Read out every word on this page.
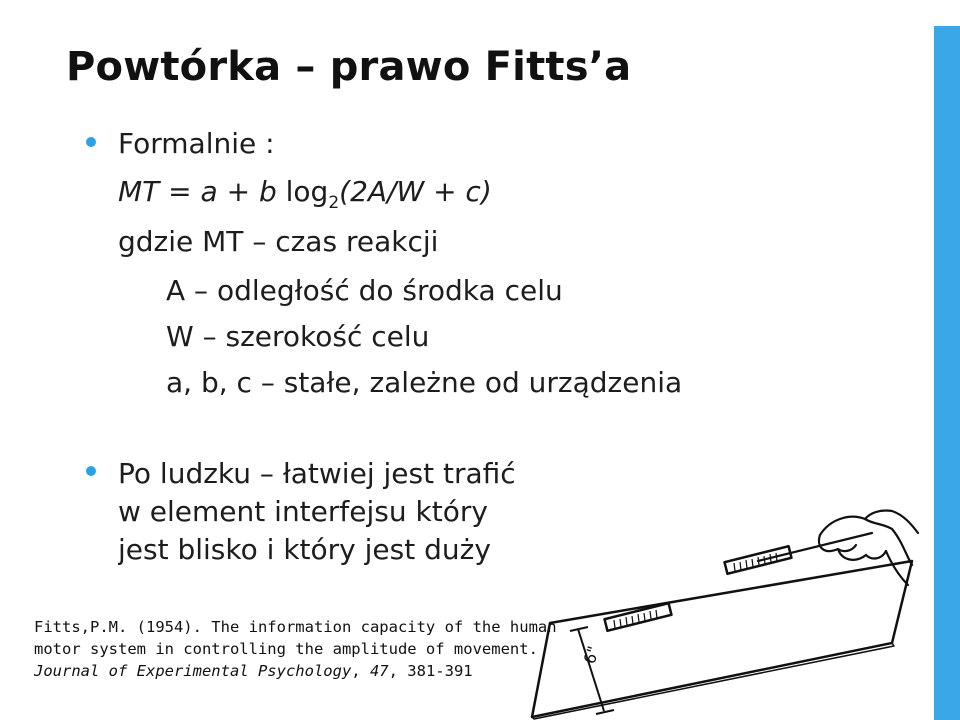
Powtórka – prawo Fitts’a
Formalnie :
MT = a + b $\log_2(2A/W + c)$
gdzie MT – czas reakcji
A – odległość do środka celu
W – szerokość celu
a, b, c – stałe, zależne od urządzenia
Po ludzku – łatwiej jest trafić
w element interfejsu który
jest blisko i który jest duży
Fitts,P.M. (1954). The information capacity of the human
motor system in controlling the amplitude of movement.
Journal of Experimental Psychology, 47, 381-391
6"
